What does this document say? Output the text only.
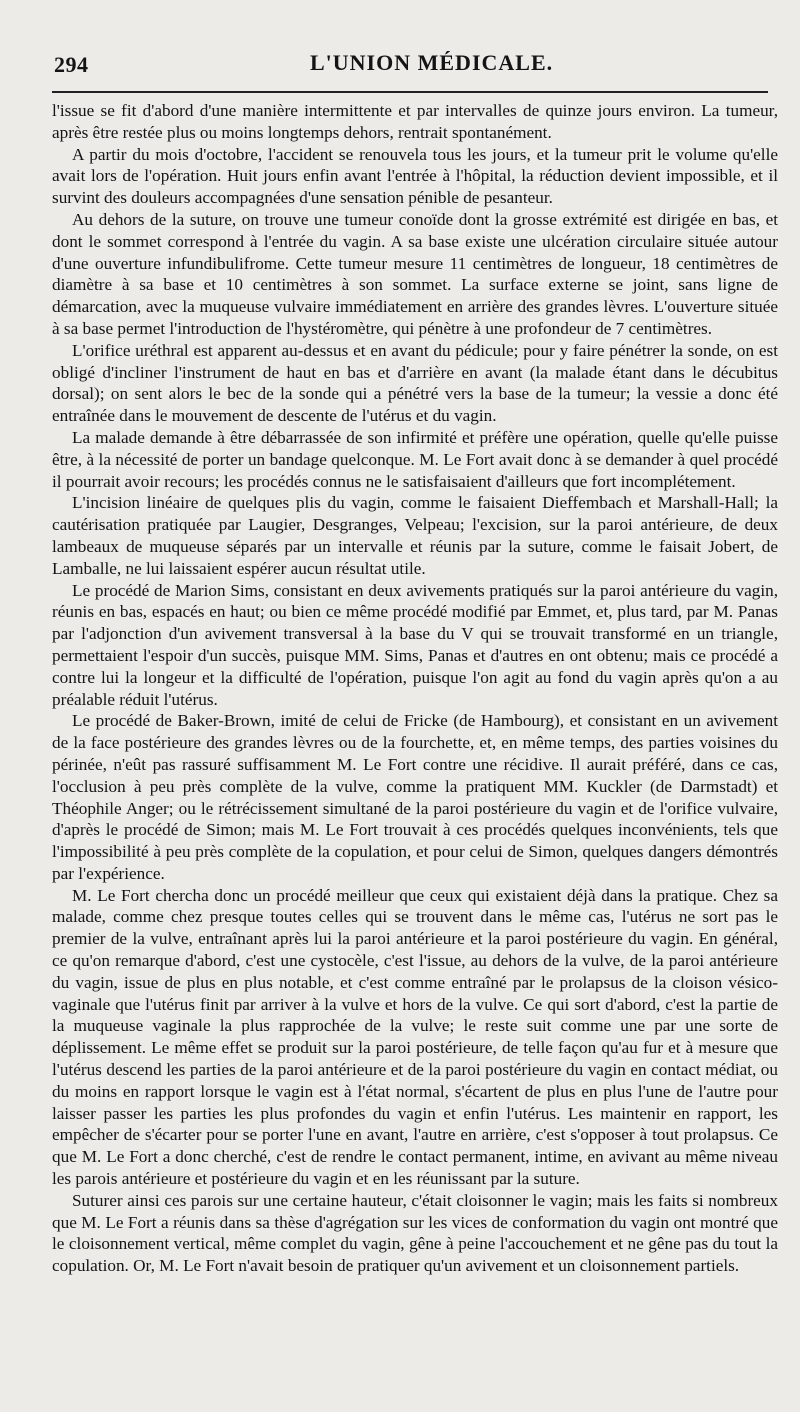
294	L'UNION MÉDICALE.

l'issue se fit d'abord d'une manière intermittente et par intervalles de quinze jours environ. La tumeur, après être restée plus ou moins longtemps dehors, rentrait spontanément.

A partir du mois d'octobre, l'accident se renouvela tous les jours, et la tumeur prit le volume qu'elle avait lors de l'opération. Huit jours enfin avant l'entrée à l'hôpital, la réduction devient impossible, et il survint des douleurs accompagnées d'une sensation pénible de pesanteur.

Au dehors de la suture, on trouve une tumeur conoïde dont la grosse extrémité est dirigée en bas, et dont le sommet correspond à l'entrée du vagin. A sa base existe une ulcération circulaire située autour d'une ouverture infundibulifrome. Cette tumeur mesure 11 centimètres de longueur, 18 centimètres de diamètre à sa base et 10 centimètres à son sommet. La surface externe se joint, sans ligne de démarcation, avec la muqueuse vulvaire immédiatement en arrière des grandes lèvres. L'ouverture située à sa base permet l'introduction de l'hystéromètre, qui pénètre à une profondeur de 7 centimètres.

L'orifice uréthral est apparent au-dessus et en avant du pédicule; pour y faire pénétrer la sonde, on est obligé d'incliner l'instrument de haut en bas et d'arrière en avant (la malade étant dans le décubitus dorsal); on sent alors le bec de la sonde qui a pénétré vers la base de la tumeur; la vessie a donc été entraînée dans le mouvement de descente de l'utérus et du vagin.

La malade demande à être débarrassée de son infirmité et préfère une opération, quelle qu'elle puisse être, à la nécessité de porter un bandage quelconque. M. Le Fort avait donc à se demander à quel procédé il pourrait avoir recours; les procédés connus ne le satisfaisaient d'ailleurs que fort incomplétement.

L'incision linéaire de quelques plis du vagin, comme le faisaient Dieffembach et Marshall-Hall; la cautérisation pratiquée par Laugier, Desgranges, Velpeau; l'excision, sur la paroi antérieure, de deux lambeaux de muqueuse séparés par un intervalle et réunis par la suture, comme le faisait Jobert, de Lamballe, ne lui laissaient espérer aucun résultat utile.

Le procédé de Marion Sims, consistant en deux avivements pratiqués sur la paroi antérieure du vagin, réunis en bas, espacés en haut; ou bien ce même procédé modifié par Emmet, et, plus tard, par M. Panas par l'adjonction d'un avivement transversal à la base du V qui se trouvait transformé en un triangle, permettaient l'espoir d'un succès, puisque MM. Sims, Panas et d'autres en ont obtenu; mais ce procédé a contre lui la longeur et la difficulté de l'opération, puisque l'on agit au fond du vagin après qu'on a au préalable réduit l'utérus.

Le procédé de Baker-Brown, imité de celui de Fricke (de Hambourg), et consistant en un avivement de la face postérieure des grandes lèvres ou de la fourchette, et, en même temps, des parties voisines du périnée, n'eût pas rassuré suffisamment M. Le Fort contre une récidive. Il aurait préféré, dans ce cas, l'occlusion à peu près complète de la vulve, comme la pratiquent MM. Kuckler (de Darmstadt) et Théophile Anger; ou le rétrécissement simultané de la paroi postérieure du vagin et de l'orifice vulvaire, d'après le procédé de Simon; mais M. Le Fort trouvait à ces procédés quelques inconvénients, tels que l'impossibilité à peu près complète de la copulation, et pour celui de Simon, quelques dangers démontrés par l'expérience.

M. Le Fort chercha donc un procédé meilleur que ceux qui existaient déjà dans la pratique. Chez sa malade, comme chez presque toutes celles qui se trouvent dans le même cas, l'utérus ne sort pas le premier de la vulve, entraînant après lui la paroi antérieure et la paroi postérieure du vagin. En général, ce qu'on remarque d'abord, c'est une cystocèle, c'est l'issue, au dehors de la vulve, de la paroi antérieure du vagin, issue de plus en plus notable, et c'est comme entraîné par le prolapsus de la cloison vésico-vaginale que l'utérus finit par arriver à la vulve et hors de la vulve. Ce qui sort d'abord, c'est la partie de la muqueuse vaginale la plus rapprochée de la vulve; le reste suit comme une par une sorte de déplissement. Le même effet se produit sur la paroi postérieure, de telle façon qu'au fur et à mesure que l'utérus descend les parties de la paroi antérieure et de la paroi postérieure du vagin en contact médiat, ou du moins en rapport lorsque le vagin est à l'état normal, s'écartent de plus en plus l'une de l'autre pour laisser passer les parties les plus profondes du vagin et enfin l'utérus. Les maintenir en rapport, les empêcher de s'écarter pour se porter l'une en avant, l'autre en arrière, c'est s'opposer à tout prolapsus. Ce que M. Le Fort a donc cherché, c'est de rendre le contact permanent, intime, en avivant au même niveau les parois antérieure et postérieure du vagin et en les réunissant par la suture.

Suturer ainsi ces parois sur une certaine hauteur, c'était cloisonner le vagin; mais les faits si nombreux que M. Le Fort a réunis dans sa thèse d'agrégation sur les vices de conformation du vagin ont montré que le cloisonnement vertical, même complet du vagin, gêne à peine l'accouchement et ne gêne pas du tout la copulation. Or, M. Le Fort n'avait besoin de pratiquer qu'un avivement et un cloisonnement partiels.
